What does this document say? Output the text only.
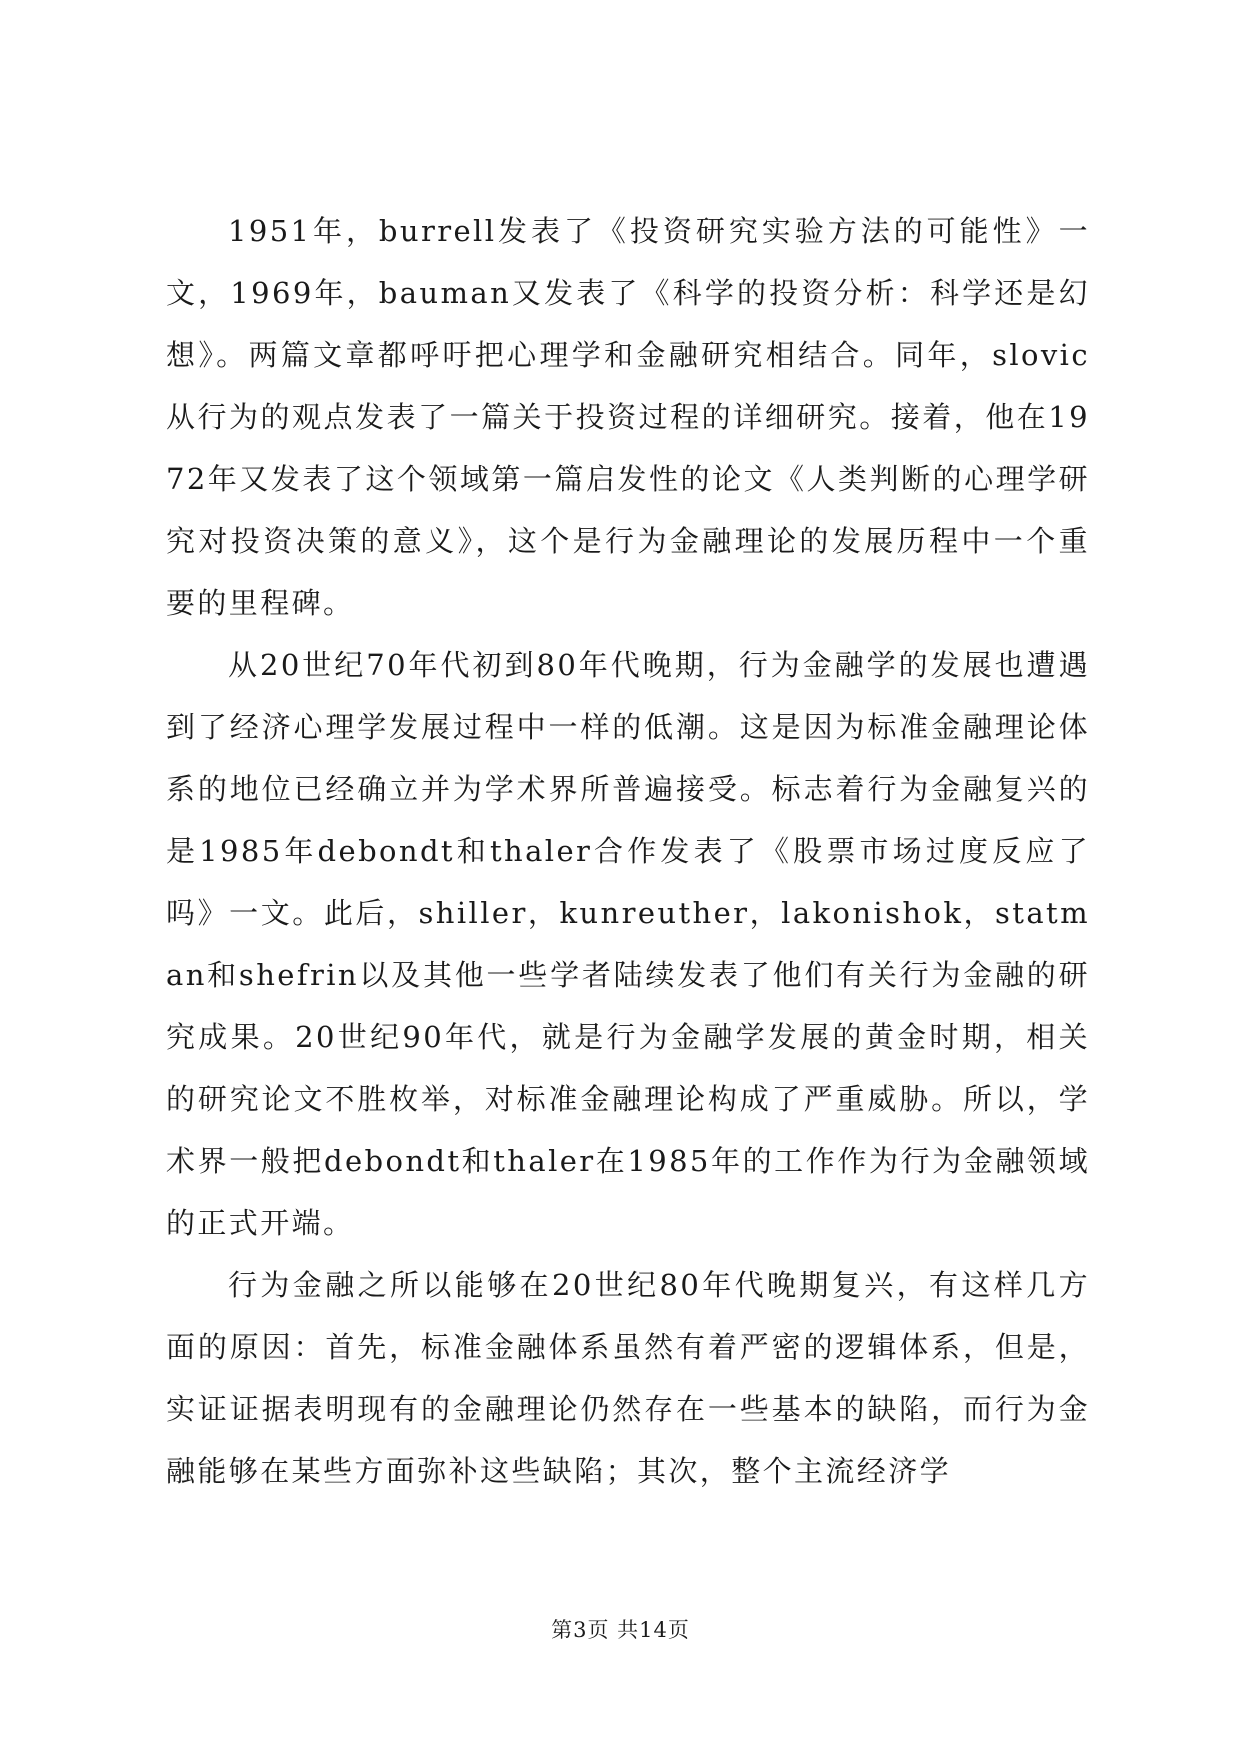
1951年，burrell发表了《投资研究实验方法的可能性》一文，1969年，bauman又发表了《科学的投资分析：科学还是幻想》。两篇文章都呼吁把心理学和金融研究相结合。同年，slovic从行为的观点发表了一篇关于投资过程的详细研究。接着，他在1972年又发表了这个领域第一篇启发性的论文《人类判断的心理学研究对投资决策的意义》，这个是行为金融理论的发展历程中一个重要的里程碑。

从20世纪70年代初到80年代晚期，行为金融学的发展也遭遇到了经济心理学发展过程中一样的低潮。这是因为标准金融理论体系的地位已经确立并为学术界所普遍接受。标志着行为金融复兴的是1985年debondt和thaler合作发表了《股票市场过度反应了吗》一文。此后，shiller，kunreuther，lakonishok，statman和shefrin以及其他一些学者陆续发表了他们有关行为金融的研究成果。20世纪90年代，就是行为金融学发展的黄金时期，相关的研究论文不胜枚举，对标准金融理论构成了严重威胁。所以，学术界一般把debondt和thaler在1985年的工作作为行为金融领域的正式开端。

行为金融之所以能够在20世纪80年代晚期复兴，有这样几方面的原因：首先，标准金融体系虽然有着严密的逻辑体系，但是，实证证据表明现有的金融理论仍然存在一些基本的缺陷，而行为金融能够在某些方面弥补这些缺陷；其次，整个主流经济学

第3页 共14页
